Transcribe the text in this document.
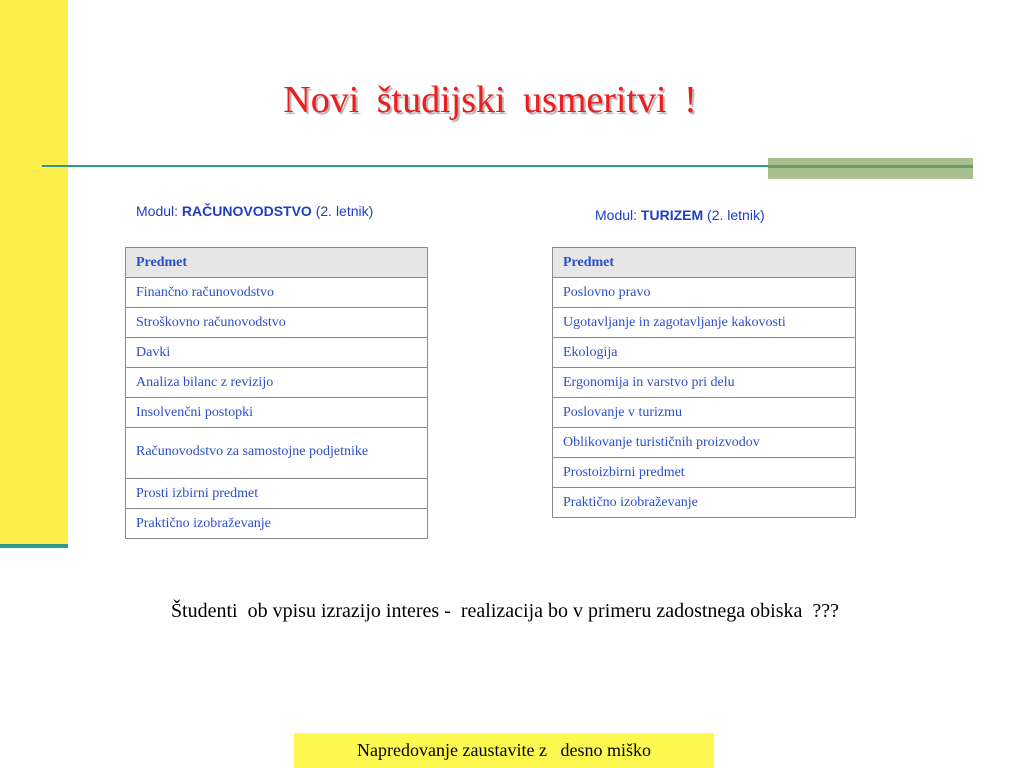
Novi študijski usmeritvi !
Modul: RAČUNOVODSTVO (2. letnik)	Modul: TURIZEM (2. letnik)
Predmet
Finančno računovodstvo
Stroškovno računovodstvo
Davki
Analiza bilanc z revizijo
Insolvenčni postopki
Računovodstvo za samostojne podjetnike
Prosti izbirni predmet
Praktično izobraževanje
Predmet
Poslovno pravo
Ugotavljanje in zagotavljanje kakovosti
Ekologija
Ergonomija in varstvo pri delu
Poslovanje v turizmu
Oblikovanje turističnih proizvodov
Prostoizbirni predmet
Praktično izobraževanje
Študenti  ob vpisu izrazijo interes -  realizacija bo v primeru zadostnega obiska  ???
Napredovanje zaustavite z   desno miško
